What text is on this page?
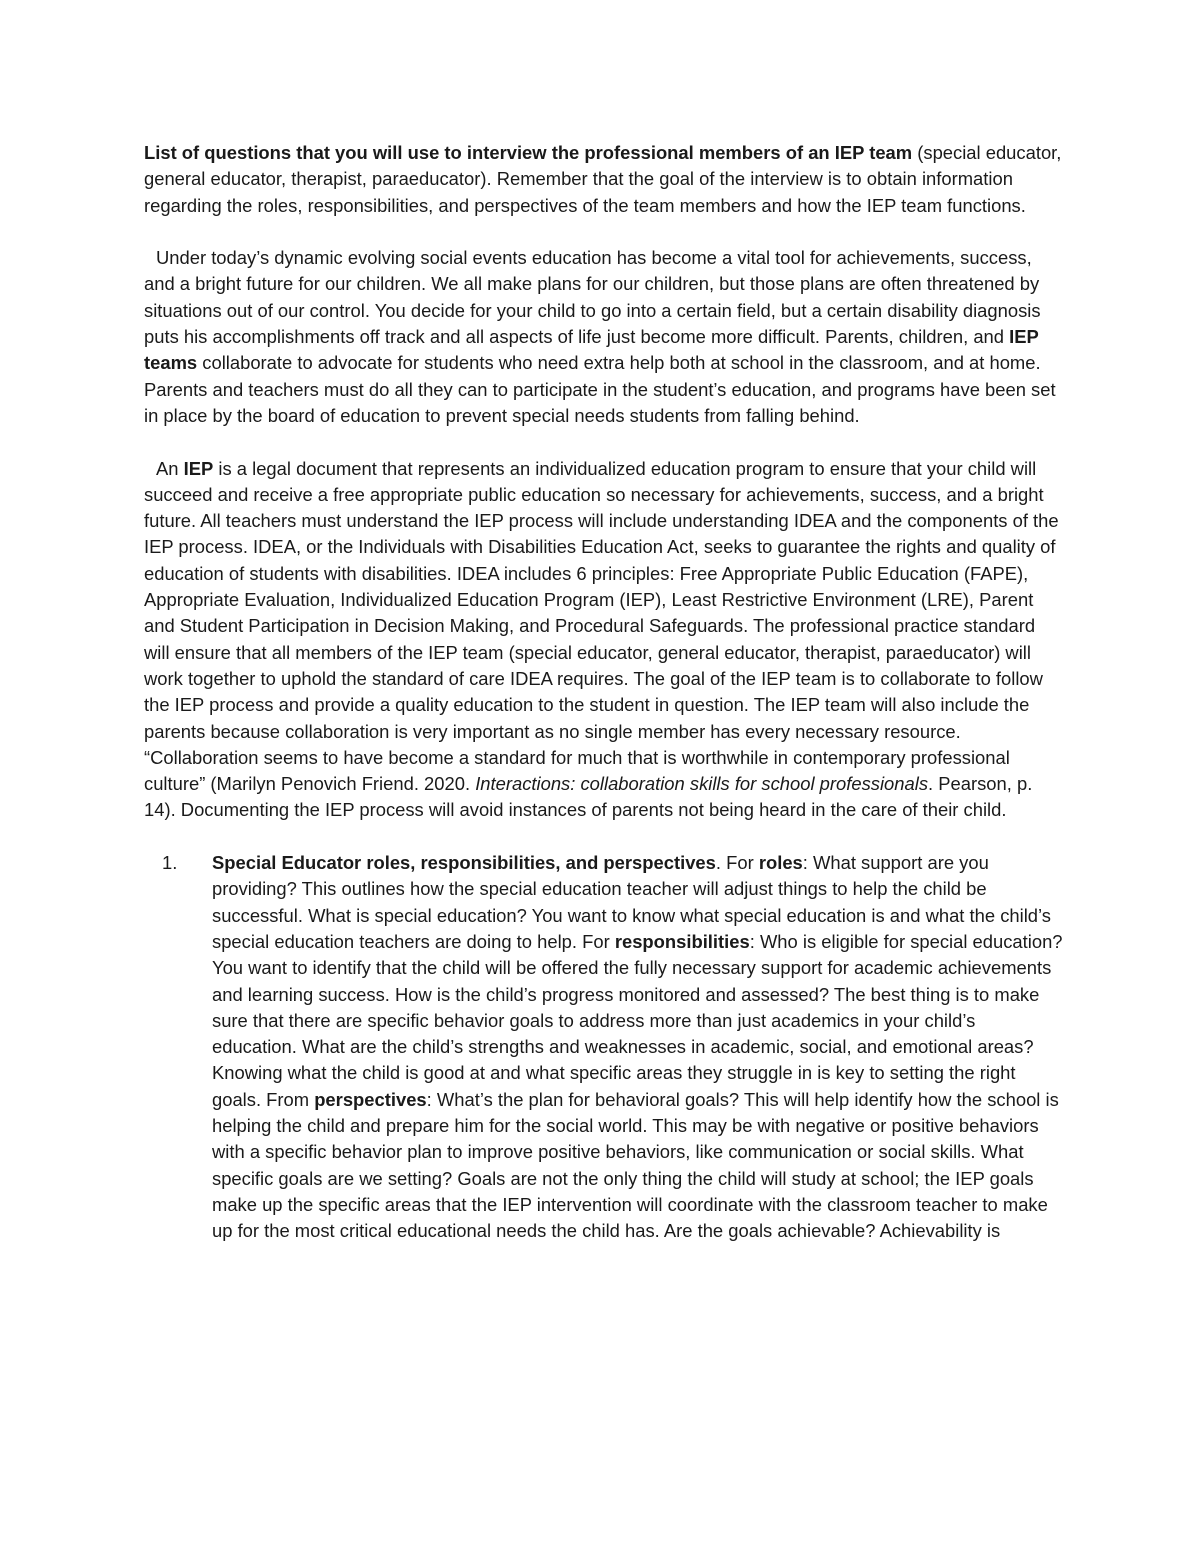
List of questions that you will use to interview the professional members of an IEP team (special educator, general educator, therapist, paraeducator). Remember that the goal of the interview is to obtain information regarding the roles, responsibilities, and perspectives of the team members and how the IEP team functions.

Under today’s dynamic evolving social events education has become a vital tool for achievements, success, and a bright future for our children. We all make plans for our children, but those plans are often threatened by situations out of our control. You decide for your child to go into a certain field, but a certain disability diagnosis puts his accomplishments off track and all aspects of life just become more difficult. Parents, children, and IEP teams collaborate to advocate for students who need extra help both at school in the classroom, and at home. Parents and teachers must do all they can to participate in the student’s education, and programs have been set in place by the board of education to prevent special needs students from falling behind.

An IEP is a legal document that represents an individualized education program to ensure that your child will succeed and receive a free appropriate public education so necessary for achievements, success, and a bright future. All teachers must understand the IEP process will include understanding IDEA and the components of the IEP process. IDEA, or the Individuals with Disabilities Education Act, seeks to guarantee the rights and quality of education of students with disabilities. IDEA includes 6 principles: Free Appropriate Public Education (FAPE), Appropriate Evaluation, Individualized Education Program (IEP), Least Restrictive Environment (LRE), Parent and Student Participation in Decision Making, and Procedural Safeguards. The professional practice standard will ensure that all members of the IEP team (special educator, general educator, therapist, paraeducator) will work together to uphold the standard of care IDEA requires. The goal of the IEP team is to collaborate to follow the IEP process and provide a quality education to the student in question. The IEP team will also include the parents because collaboration is very important as no single member has every necessary resource. “Collaboration seems to have become a standard for much that is worthwhile in contemporary professional culture” (Marilyn Penovich Friend. 2020. Interactions: collaboration skills for school professionals. Pearson, p. 14). Documenting the IEP process will avoid instances of parents not being heard in the care of their child.

1. Special Educator roles, responsibilities, and perspectives. For roles: What support are you providing? This outlines how the special education teacher will adjust things to help the child be successful. What is special education? You want to know what special education is and what the child’s special education teachers are doing to help. For responsibilities: Who is eligible for special education? You want to identify that the child will be offered the fully necessary support for academic achievements and learning success. How is the child’s progress monitored and assessed? The best thing is to make sure that there are specific behavior goals to address more than just academics in your child’s education. What are the child’s strengths and weaknesses in academic, social, and emotional areas? Knowing what the child is good at and what specific areas they struggle in is key to setting the right goals. From perspectives: What’s the plan for behavioral goals? This will help identify how the school is helping the child and prepare him for the social world. This may be with negative or positive behaviors with a specific behavior plan to improve positive behaviors, like communication or social skills. What specific goals are we setting? Goals are not the only thing the child will study at school; the IEP goals make up the specific areas that the IEP intervention will coordinate with the classroom teacher to make up for the most critical educational needs the child has. Are the goals achievable? Achievability is
